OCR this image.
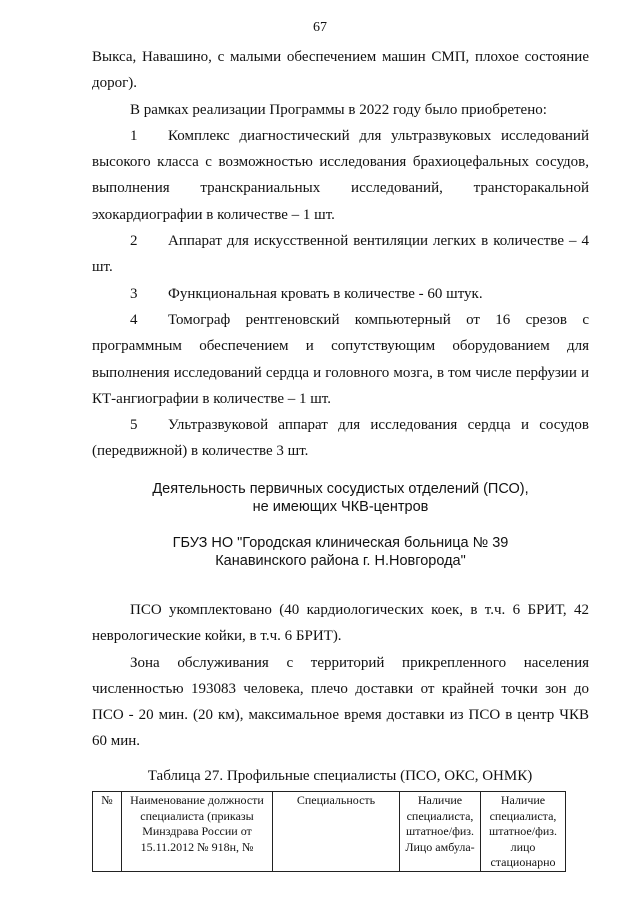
67

Выкса, Навашино, с малыми обеспечением машин СМП, плохое состояние дорог).

В рамках реализации Программы в 2022 году было приобретено:

1 Комплекс диагностический для ультразвуковых исследований высокого класса с возможностью исследования брахиоцефальных сосудов, выполнения транскраниальных исследований, трансторакальной эхокардиографии в количестве – 1 шт.

2 Аппарат для искусственной вентиляции легких в количестве – 4 шт.

3 Функциональная кровать в количестве - 60 штук.

4 Томограф рентгеновский компьютерный от 16 срезов с программным обеспечением и сопутствующим оборудованием для выполнения исследований сердца и головного мозга, в том числе перфузии и КТ-ангиографии в количестве – 1 шт.

5 Ультразвуковой аппарат для исследования сердца и сосудов (передвижной) в количестве 3 шт.

Деятельность первичных сосудистых отделений (ПСО),

не имеющих ЧКВ-центров

ГБУЗ НО "Городская клиническая больница № 39

Канавинского района г. Н.Новгорода"

ПСО укомплектовано (40 кардиологических коек, в т.ч. 6 БРИТ, 42 неврологические койки, в т.ч. 6 БРИТ).

Зона обслуживания с территорий прикрепленного населения численностью 193083 человека, плечо доставки от крайней точки зон до ПСО - 20 мин. (20 км), максимальное время доставки из ПСО в центр ЧКВ 60 мин.

Таблица 27. Профильные специалисты (ПСО, ОКС, ОНМК)
№	Наименование должности специалиста (приказы Минздрава России от 15.11.2012 № 918н, №	Специальность	Наличие специалиста, штатное/физ. Лицо амбула-	Наличие специалиста, штатное/физ. лицо стационарно
